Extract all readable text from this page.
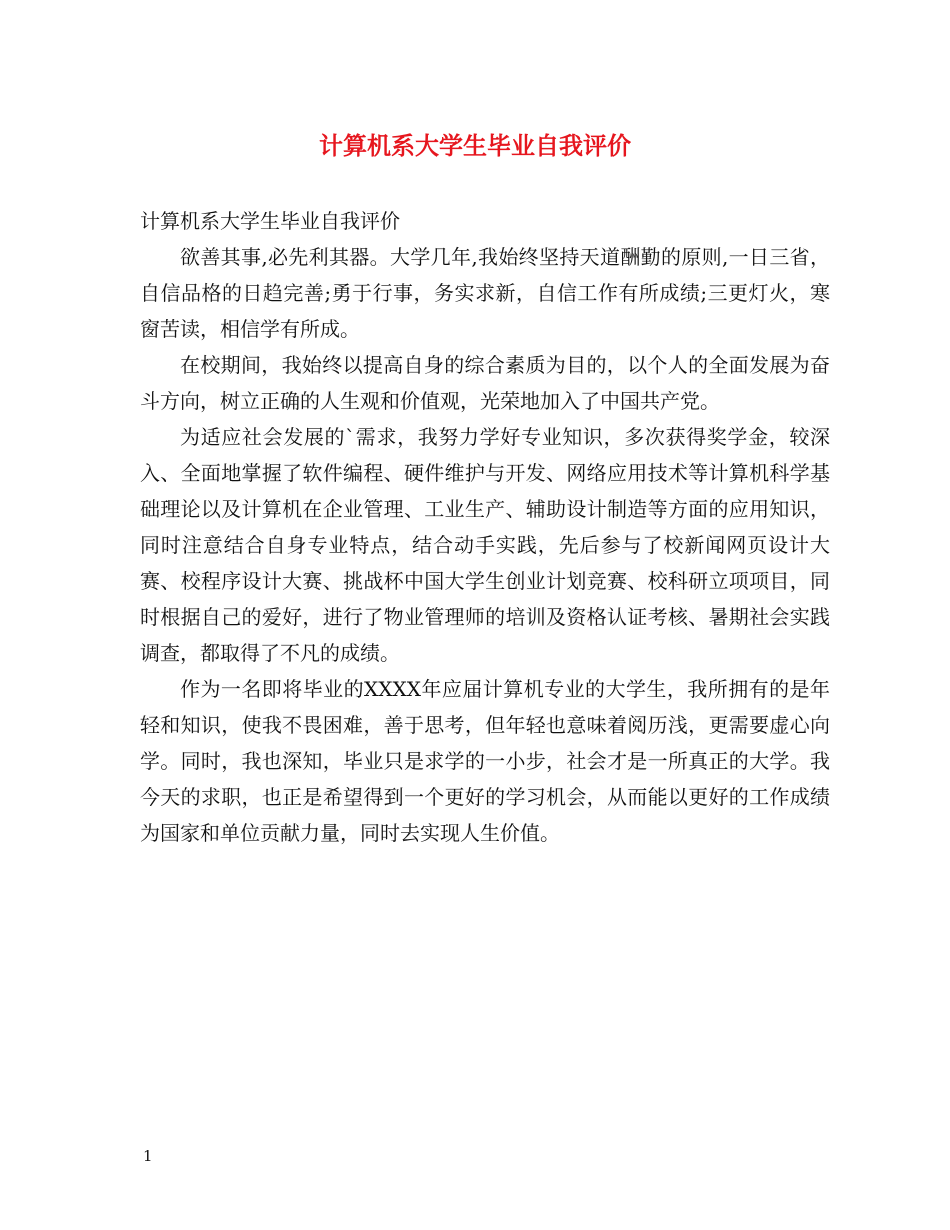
计算机系大学生毕业自我评价

计算机系大学生毕业自我评价

欲善其事,必先利其器。大学几年,我始终坚持天道酬勤的原则,一日三省，自信品格的日趋完善;勇于行事，务实求新，自信工作有所成绩;三更灯火，寒窗苦读，相信学有所成。

在校期间，我始终以提高自身的综合素质为目的，以个人的全面发展为奋斗方向，树立正确的人生观和价值观，光荣地加入了中国共产党。

为适应社会发展的`需求，我努力学好专业知识，多次获得奖学金，较深入、全面地掌握了软件编程、硬件维护与开发、网络应用技术等计算机科学基础理论以及计算机在企业管理、工业生产、辅助设计制造等方面的应用知识，同时注意结合自身专业特点，结合动手实践，先后参与了校新闻网页设计大赛、校程序设计大赛、挑战杯中国大学生创业计划竞赛、校科研立项项目，同时根据自己的爱好，进行了物业管理师的培训及资格认证考核、暑期社会实践调查，都取得了不凡的成绩。

作为一名即将毕业的XXXX年应届计算机专业的大学生，我所拥有的是年轻和知识，使我不畏困难，善于思考，但年轻也意味着阅历浅，更需要虚心向学。同时，我也深知，毕业只是求学的一小步，社会才是一所真正的大学。我今天的求职，也正是希望得到一个更好的学习机会，从而能以更好的工作成绩为国家和单位贡献力量，同时去实现人生价值。

1
